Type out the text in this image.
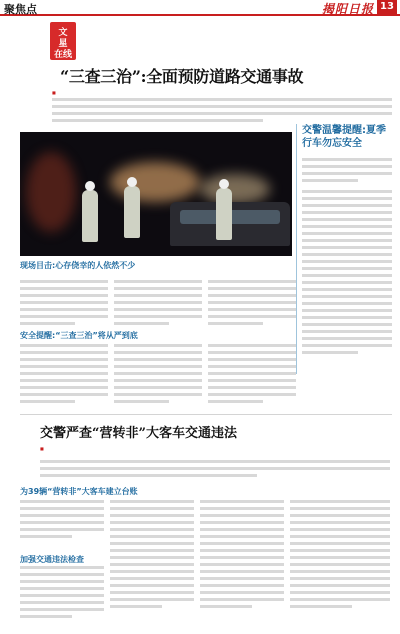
聚焦点	揭阳日报 13
文
星
在线
“三查三治”:全面预防道路交通事故
■
现场目击:心存侥幸的人依然不少
安全提醒:“三查三治”将从严到底
交警温馨提醒:夏季行车勿忘安全
交警严查“营转非”大客车交通违法
■
为39辆“营转非”大客车建立台账
加强交通违法检查
